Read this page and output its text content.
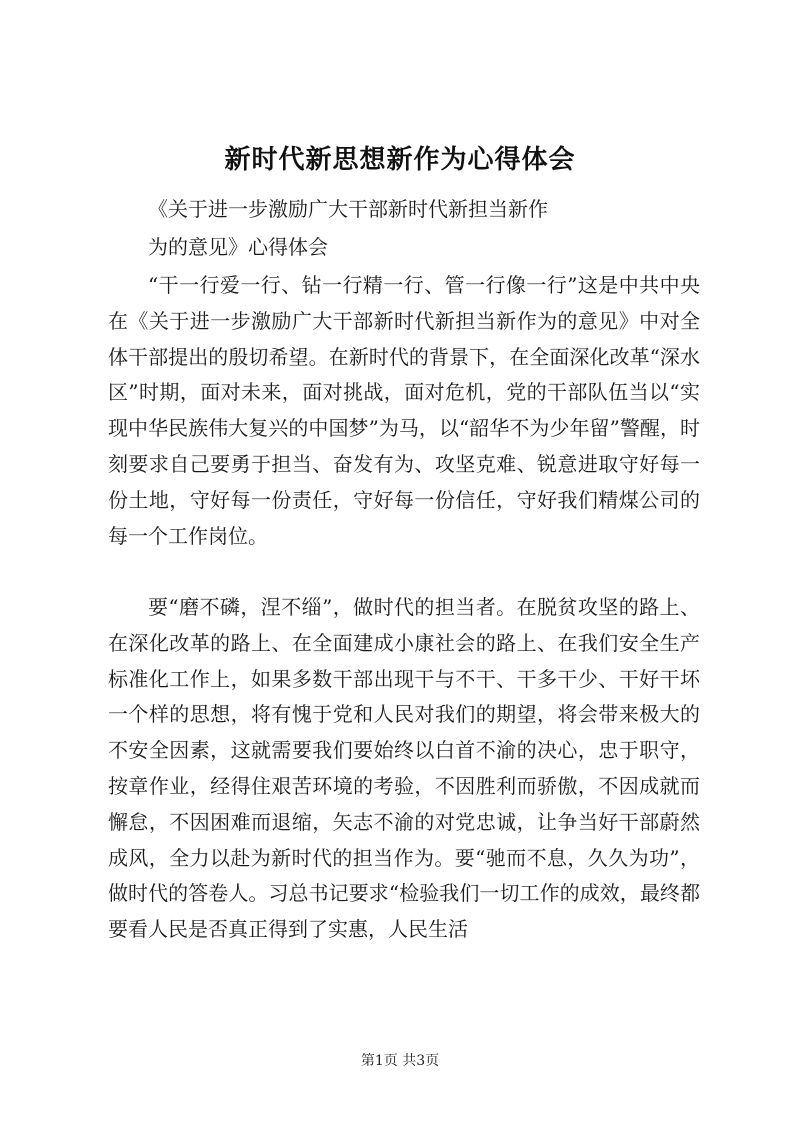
新时代新思想新作为心得体会
《关于进一步激励广大干部新时代新担当新作
为的意见》心得体会

“干一行爱一行、钻一行精一行、管一行像一行”这是中共中央在《关于进一步激励广大干部新时代新担当新作为的意见》中对全体干部提出的殷切希望。在新时代的背景下，在全面深化改革“深水区”时期，面对未来，面对挑战，面对危机，党的干部队伍当以“实现中华民族伟大复兴的中国梦”为马，以“韶华不为少年留”警醒，时刻要求自己要勇于担当、奋发有为、攻坚克难、锐意进取守好每一份土地，守好每一份责任，守好每一份信任，守好我们精煤公司的每一个工作岗位。

要“磨不磷，涅不缁”，做时代的担当者。在脱贫攻坚的路上、在深化改革的路上、在全面建成小康社会的路上、在我们安全生产标准化工作上，如果多数干部出现干与不干、干多干少、干好干坏一个样的思想，将有愧于党和人民对我们的期望，将会带来极大的不安全因素，这就需要我们要始终以白首不渝的决心，忠于职守，按章作业，经得住艰苦环境的考验，不因胜利而骄傲，不因成就而懈怠，不因困难而退缩，矢志不渝的对党忠诚，让争当好干部蔚然成风，全力以赴为新时代的担当作为。要“驰而不息，久久为功”，做时代的答卷人。习总书记要求“检验我们一切工作的成效，最终都要看人民是否真正得到了实惠，人民生活

第1页 共3页
